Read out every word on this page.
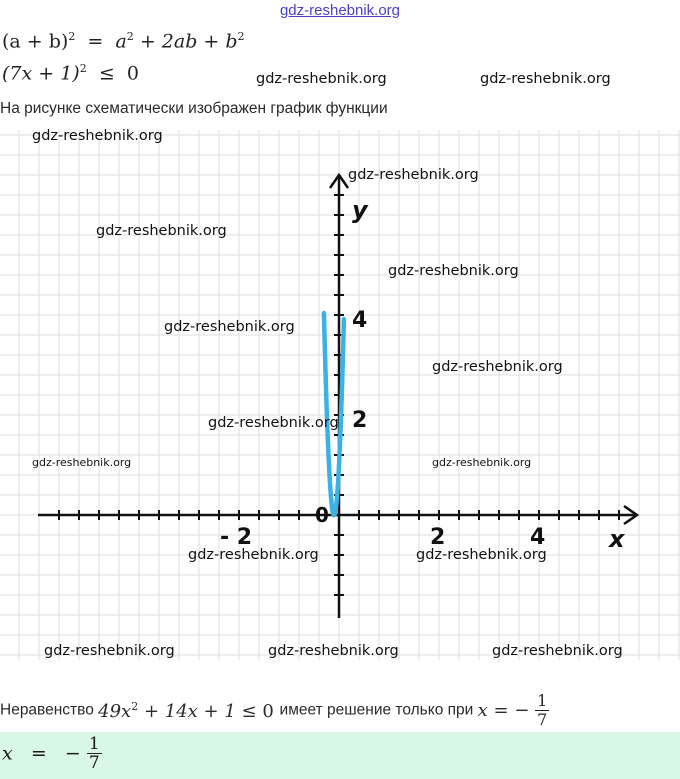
gdz-reshebnik.org
$(a + b)^2 = a^2 + 2ab + b^2$
$(7x + 1)^2 \le 0$
На рисунке схематически изображен график функции
y
x
- 2
0
2	4
2
4
gdz-reshebnik.org
gdz-reshebnik.org	gdz-reshebnik.org
gdz-reshebnik.org
gdz-reshebnik.org
gdz-reshebnik.org
gdz-reshebnik.org
gdz-reshebnik.org
gdz-reshebnik.org
gdz-reshebnik.org	gdz-reshebnik.org
gdz-reshebnik.org	gdz-reshebnik.org
gdz-reshebnik.org	gdz-reshebnik.org	gdz-reshebnik.org
Неравенство $49x^2 + 14x + 1 \le 0$ имеет решение только при x = − $\frac{1}{7}$
x = − $\frac{1}{7}$
